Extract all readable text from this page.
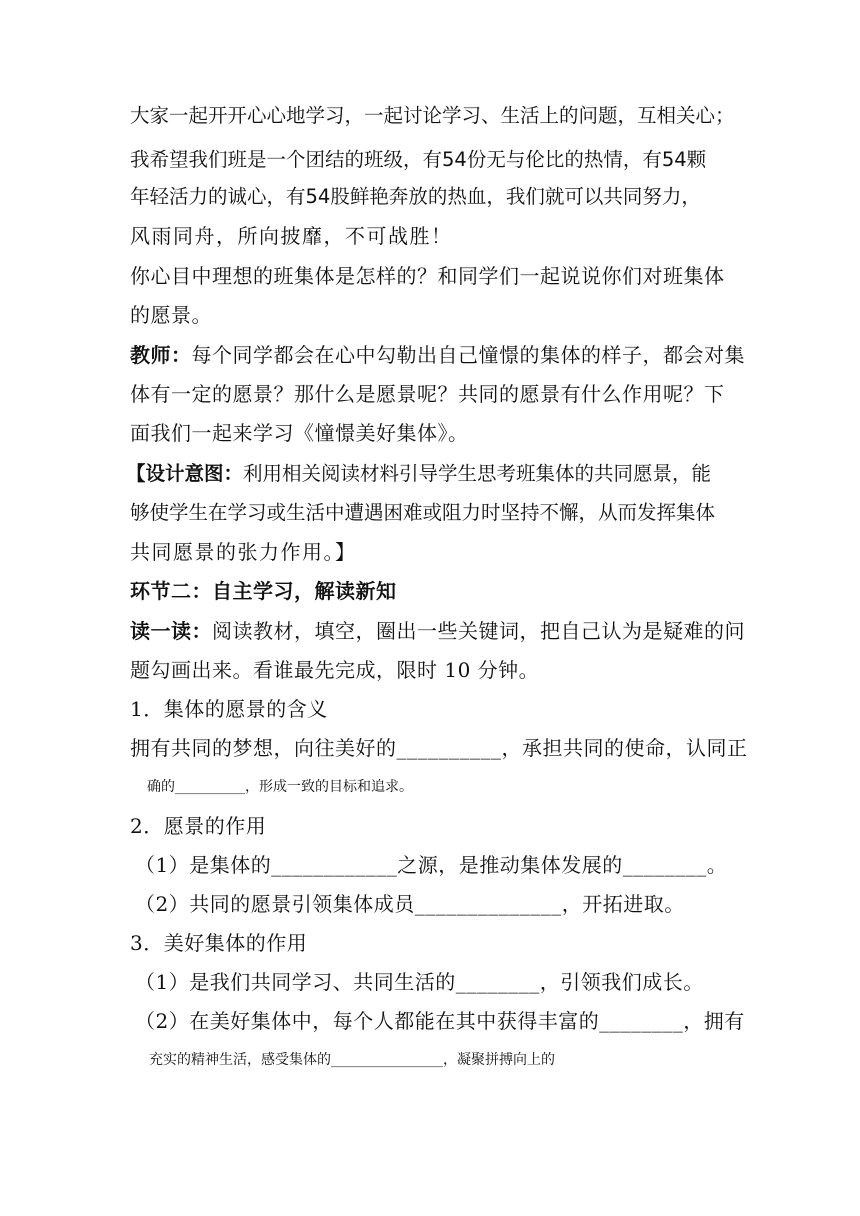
大家一起开开心心地学习，一起讨论学习、生活上的问题，互相关心；
我希望我们班是一个团结的班级，有54份无与伦比的热情，有54颗
年轻活力的诚心，有54股鲜艳奔放的热血，我们就可以共同努力，
风雨同舟，所向披靡，不可战胜！
你心目中理想的班集体是怎样的？和同学们一起说说你们对班集体
的愿景。
教师：每个同学都会在心中勾勒出自己憧憬的集体的样子，都会对集
体有一定的愿景？那什么是愿景呢？共同的愿景有什么作用呢？下
面我们一起来学习《憧憬美好集体》。
【设计意图：利用相关阅读材料引导学生思考班集体的共同愿景，能
够使学生在学习或生活中遭遇困难或阻力时坚持不懈，从而发挥集体
共同愿景的张力作用。】
环节二：自主学习，解读新知
读一读：阅读教材，填空，圈出一些关键词，把自己认为是疑难的问
题勾画出来。看谁最先完成，限时 10 分钟。
1．集体的愿景的含义
拥有共同的梦想，向往美好的__________，承担共同的使命，认同正
确的__________，形成一致的目标和追求。
2．愿景的作用
（1）是集体的____________之源，是推动集体发展的________。
（2）共同的愿景引领集体成员______________，开拓进取。
3．美好集体的作用
（1）是我们共同学习、共同生活的________，引领我们成长。
（2）在美好集体中，每个人都能在其中获得丰富的________，拥有
充实的精神生活，感受集体的________________，凝聚拼搏向上的
